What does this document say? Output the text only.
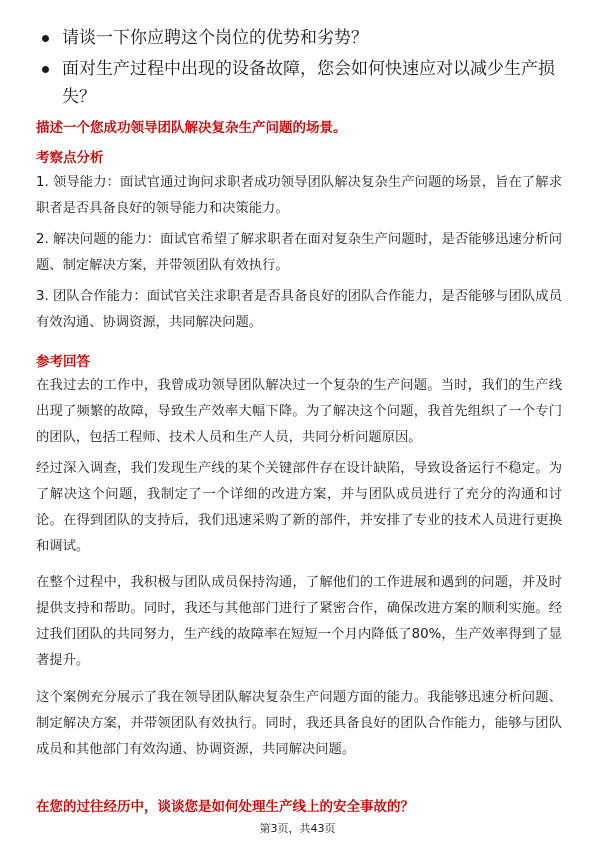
请谈一下你应聘这个岗位的优势和劣势？
面对生产过程中出现的设备故障，您会如何快速应对以减少生产损失？
描述一个您成功领导团队解决复杂生产问题的场景。
考察点分析
1. 领导能力：面试官通过询问求职者成功领导团队解决复杂生产问题的场景，旨在了解求职者是否具备良好的领导能力和决策能力。
2. 解决问题的能力：面试官希望了解求职者在面对复杂生产问题时，是否能够迅速分析问题、制定解决方案，并带领团队有效执行。
3. 团队合作能力：面试官关注求职者是否具备良好的团队合作能力，是否能够与团队成员有效沟通、协调资源，共同解决问题。
参考回答
在我过去的工作中，我曾成功领导团队解决过一个复杂的生产问题。当时，我们的生产线出现了频繁的故障，导致生产效率大幅下降。为了解决这个问题，我首先组织了一个专门的团队，包括工程师、技术人员和生产人员，共同分析问题原因。
经过深入调查，我们发现生产线的某个关键部件存在设计缺陷，导致设备运行不稳定。为了解决这个问题，我制定了一个详细的改进方案，并与团队成员进行了充分的沟通和讨论。在得到团队的支持后，我们迅速采购了新的部件，并安排了专业的技术人员进行更换和调试。
在整个过程中，我积极与团队成员保持沟通，了解他们的工作进展和遇到的问题，并及时提供支持和帮助。同时，我还与其他部门进行了紧密合作，确保改进方案的顺利实施。经过我们团队的共同努力，生产线的故障率在短短一个月内降低了80%，生产效率得到了显著提升。
这个案例充分展示了我在领导团队解决复杂生产问题方面的能力。我能够迅速分析问题、制定解决方案，并带领团队有效执行。同时，我还具备良好的团队合作能力，能够与团队成员和其他部门有效沟通、协调资源，共同解决问题。
在您的过往经历中，谈谈您是如何处理生产线上的安全事故的？
第3页，共43页
